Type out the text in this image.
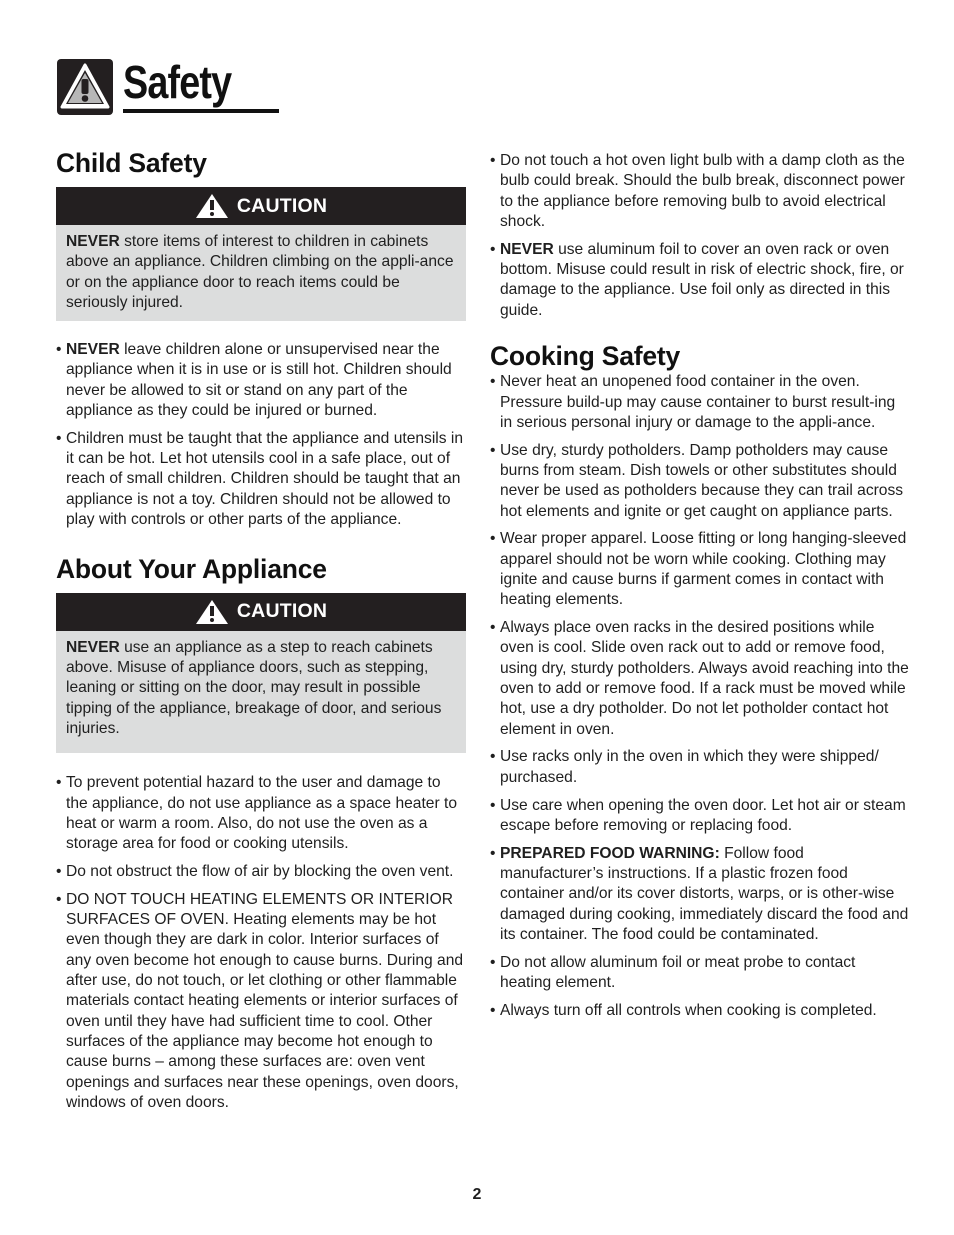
Safety
Child Safety
CAUTION
NEVER store items of interest to children in cabinets above an appliance. Children climbing on the appli-ance or on the appliance door to reach items could be seriously injured.
• NEVER leave children alone or unsupervised near the appliance when it is in use or is still hot. Children should never be allowed to sit or stand on any part of the appliance as they could be injured or burned.
• Children must be taught that the appliance and utensils in it can be hot. Let hot utensils cool in a safe place, out of reach of small children. Children should be taught that an appliance is not a toy. Children should not be allowed to play with controls or other parts of the appliance.
About Your Appliance
CAUTION
NEVER use an appliance as a step to reach cabinets above. Misuse of appliance doors, such as stepping, leaning or sitting on the door, may result in possible tipping of the appliance, breakage of door, and serious injuries.
• To prevent potential hazard to the user and damage to the appliance, do not use appliance as a space heater to heat or warm a room. Also, do not use the oven as a storage area for food or cooking utensils.
• Do not obstruct the flow of air by blocking the oven vent.
• DO NOT TOUCH HEATING ELEMENTS OR INTERIOR SURFACES OF OVEN. Heating elements may be hot even though they are dark in color. Interior surfaces of any oven become hot enough to cause burns. During and after use, do not touch, or let clothing or other flammable materials contact heating elements or interior surfaces of oven until they have had sufficient time to cool. Other surfaces of the appliance may become hot enough to cause burns – among these surfaces are: oven vent openings and surfaces near these openings, oven doors, windows of oven doors.
• Do not touch a hot oven light bulb with a damp cloth as the bulb could break. Should the bulb break, disconnect power to the appliance before removing bulb to avoid electrical shock.
• NEVER use aluminum foil to cover an oven rack or oven bottom. Misuse could result in risk of electric shock, fire, or damage to the appliance. Use foil only as directed in this guide.
Cooking Safety
• Never heat an unopened food container in the oven. Pressure build-up may cause container to burst result-ing in serious personal injury or damage to the appli-ance.
• Use dry, sturdy potholders. Damp potholders may cause burns from steam. Dish towels or other substitutes should never be used as potholders because they can trail across hot elements and ignite or get caught on appliance parts.
• Wear proper apparel. Loose fitting or long hanging-sleeved apparel should not be worn while cooking. Clothing may ignite and cause burns if garment comes in contact with heating elements.
• Always place oven racks in the desired positions while oven is cool. Slide oven rack out to add or remove food, using dry, sturdy potholders. Always avoid reaching into the oven to add or remove food. If a rack must be moved while hot, use a dry potholder. Do not let potholder contact hot element in oven.
• Use racks only in the oven in which they were shipped/ purchased.
• Use care when opening the oven door. Let hot air or steam escape before removing or replacing food.
• PREPARED FOOD WARNING: Follow food manufacturer’s instructions. If a plastic frozen food container and/or its cover distorts, warps, or is other-wise damaged during cooking, immediately discard the food and its container. The food could be contaminated.
• Do not allow aluminum foil or meat probe to contact heating element.
• Always turn off all controls when cooking is completed.
2
